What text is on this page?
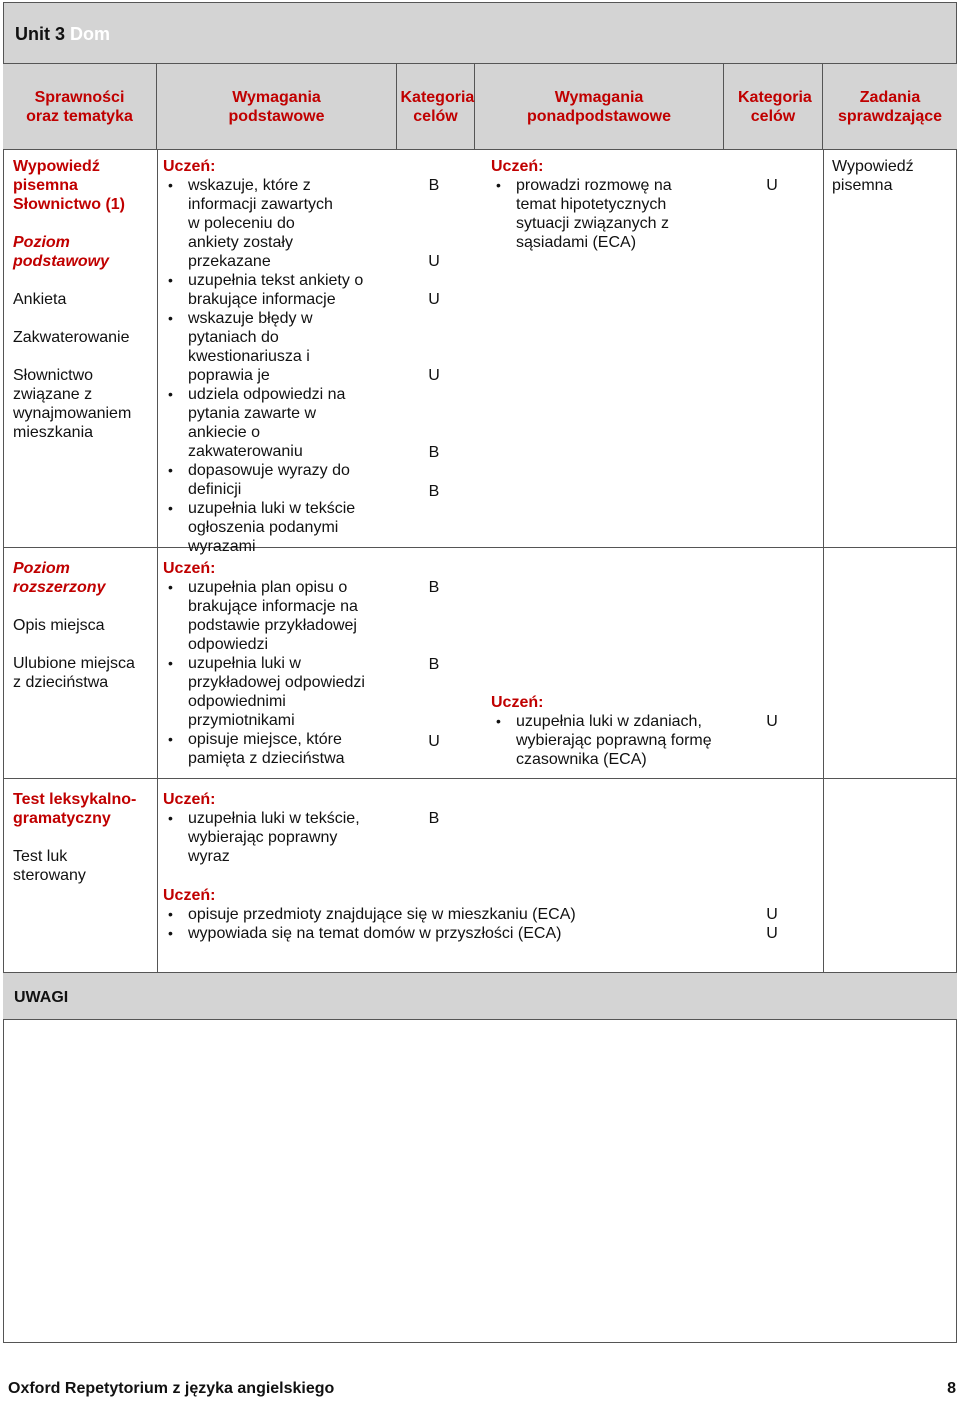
Unit 3 Dom
Sprawności oraz tematyka
Wymagania podstawowe
Kategoria celów
Wymagania ponadpodstawowe
Kategoria celów
Zadania sprawdzające

Wypowiedź pisemna Słownictwo (1)

Poziom podstawowy

Ankieta

Zakwaterowanie

Słownictwo związane z wynajmowaniem mieszkania

Uczeń:

• wskazuje, które z informacji zawartych w poleceniu do ankiety zostały przekazane
• uzupełnia tekst ankiety o brakujące informacje
• wskazuje błędy w pytaniach do kwestionariusza i poprawia je
• udziela odpowiedzi na pytania zawarte w ankiecie o zakwaterowaniu
• dopasowuje wyrazy do definicji
• uzupełnia luki w tekście ogłoszenia podanymi wyrazami
B
U
U
U
B
B

Uczeń:

• prowadzi rozmowę na temat hipotetycznych sytuacji związanych z sąsiadami (ECA)
U
Wypowiedź pisemna

Poziom rozszerzony

Opis miejsca

Ulubione miejsca z dzieciństwa

Uczeń:

• uzupełnia plan opisu o brakujące informacje na podstawie przykładowej odpowiedzi
• uzupełnia luki w przykładowej odpowiedzi odpowiednimi przymiotnikami
• opisuje miejsce, które pamięta z dzieciństwa
B
B
U

Uczeń:

• uzupełnia luki w zdaniach, wybierając poprawną formę czasownika (ECA)
U

Test leksykalno-gramatyczny

Test luk sterowany

Uczeń:

• uzupełnia luki w tekście, wybierając poprawny wyraz
B

Uczeń:

• opisuje przedmioty znajdujące się w mieszkaniu (ECA)
• wypowiada się na temat domów w przyszłości (ECA)
U
U
UWAGI
Oxford Repetytorium z języka angielskiego	8
